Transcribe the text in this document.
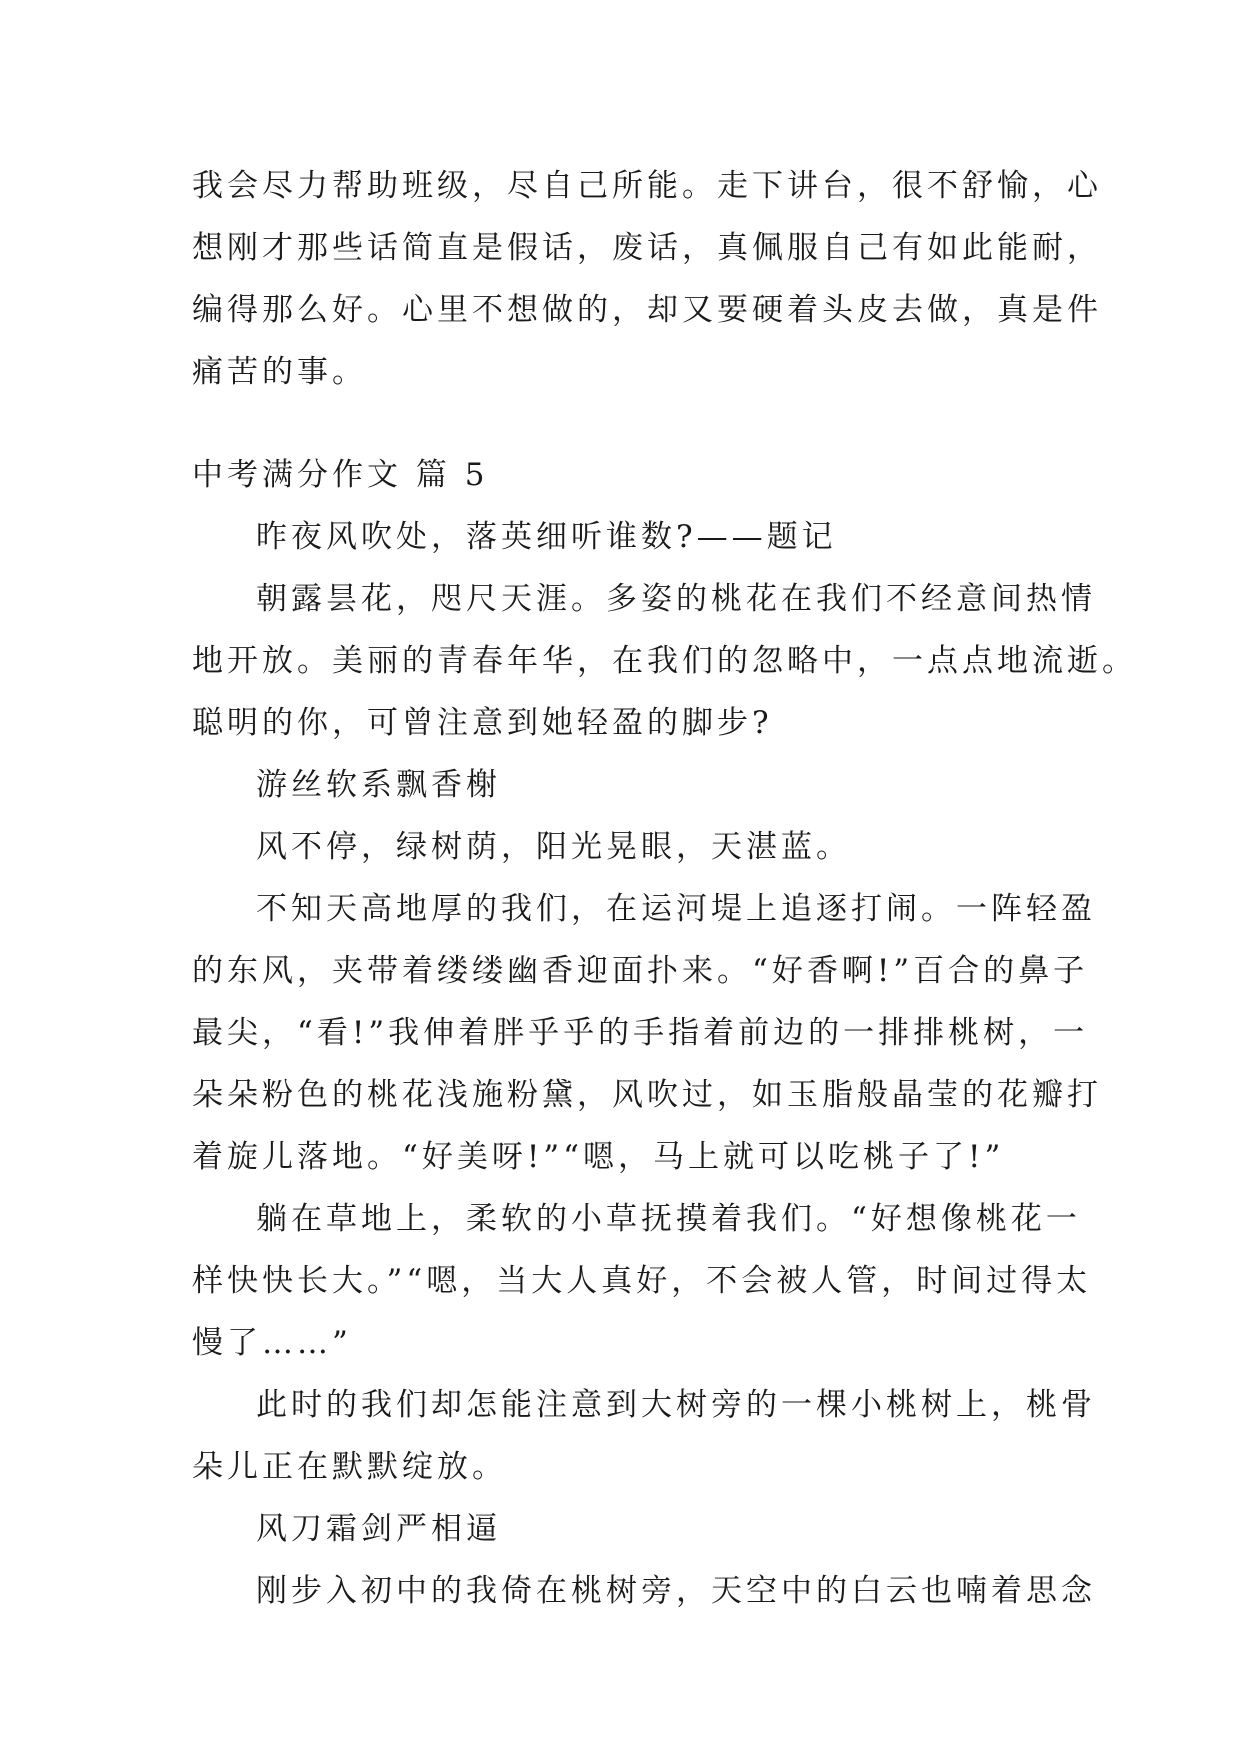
我会尽力帮助班级，尽自己所能。走下讲台，很不舒愉，心
想刚才那些话简直是假话，废话，真佩服自己有如此能耐，
编得那么好。心里不想做的，却又要硬着头皮去做，真是件
痛苦的事。
中考满分作文 篇 5
昨夜风吹处，落英细听谁数?——题记
朝露昙花，咫尺天涯。多姿的桃花在我们不经意间热情
地开放。美丽的青春年华，在我们的忽略中，一点点地流逝。
聪明的你，可曾注意到她轻盈的脚步?
游丝软系飘香榭
风不停，绿树荫，阳光晃眼，天湛蓝。
不知天高地厚的我们，在运河堤上追逐打闹。一阵轻盈
的东风，夹带着缕缕幽香迎面扑来。“好香啊!”百合的鼻子
最尖，“看!”我伸着胖乎乎的手指着前边的一排排桃树，一
朵朵粉色的桃花浅施粉黛，风吹过，如玉脂般晶莹的花瓣打
着旋儿落地。“好美呀!”“嗯，马上就可以吃桃子了!”
躺在草地上，柔软的小草抚摸着我们。“好想像桃花一
样快快长大。”“嗯，当大人真好，不会被人管，时间过得太
慢了……”
此时的我们却怎能注意到大树旁的一棵小桃树上，桃骨
朵儿正在默默绽放。
风刀霜剑严相逼
刚步入初中的我倚在桃树旁，天空中的白云也喃着思念
